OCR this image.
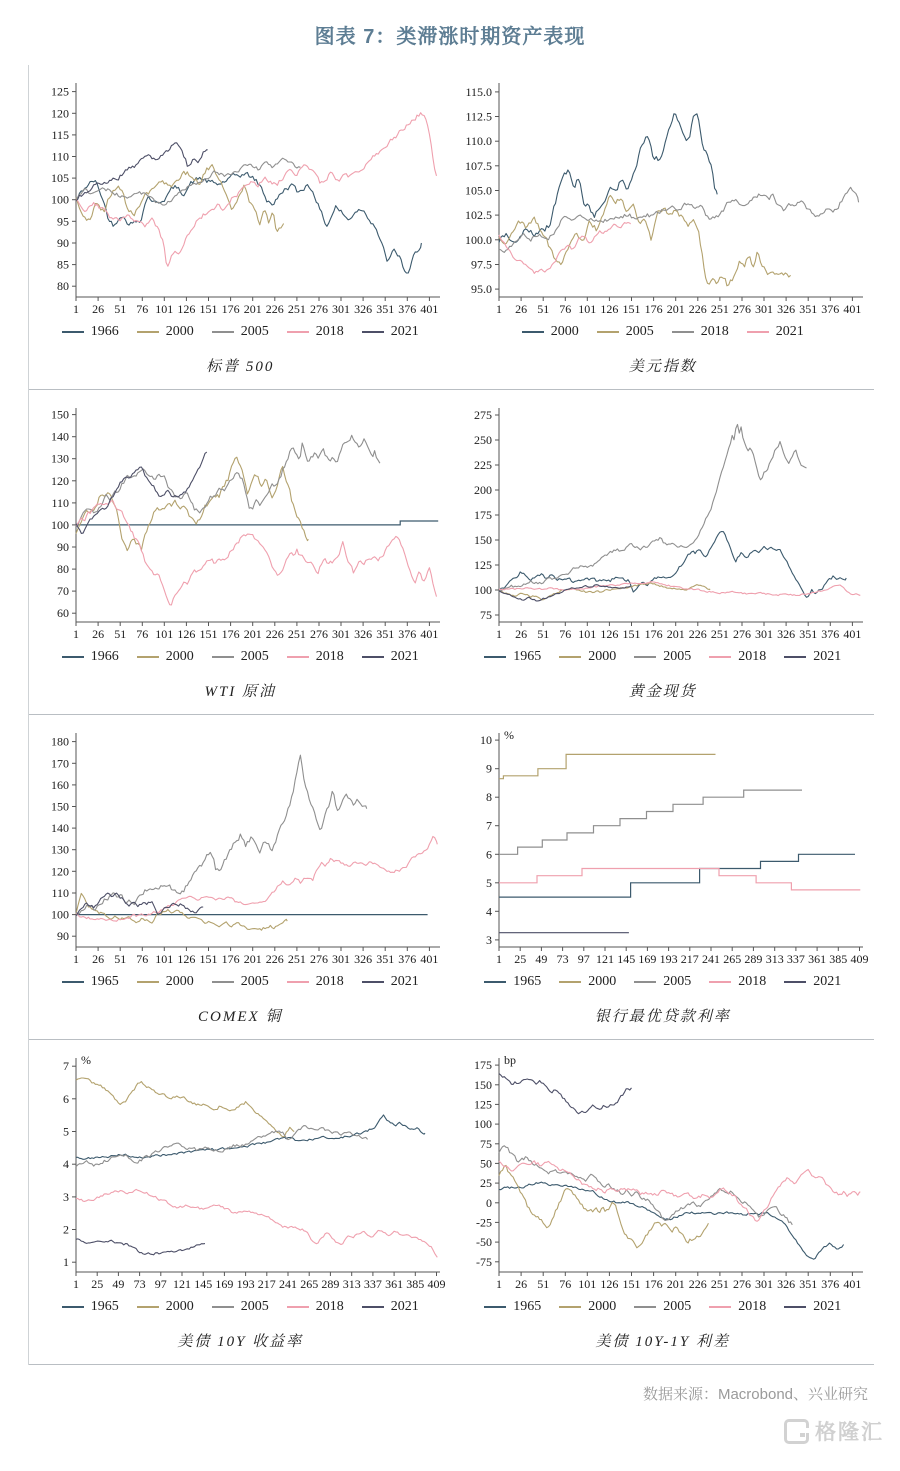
图表 7：类滞涨时期资产表现
80
85
90
95
100
105
110
115
120
125
1 26 51 76 101 126 151 176 201 226 251 276 301 326 351 376 401
1966	2000	2005	2018	2021
标普 500
95.0
97.5
100.0
102.5
105.0
107.5
110.0
112.5
115.0
1 26 51 76 101 126 151 176 201 226 251 276 301 326 351 376 401
2000	2005	2018	2021
美元指数
60
70
80
90
100
110
120
130
140
150
1 26 51 76 101 126 151 176 201 226 251 276 301 326 351 376 401
1966	2000	2005	2018	2021
WTI 原油
75
100
125
150
175
200
225
250
275
1 26 51 76 101 126 151 176 201 226 251 276 301 326 351 376 401
1965	2000	2005	2018	2021
黄金现货
90
100
110
120
130
140
150
160
170
180
1 26 51 76 101 126 151 176 201 226 251 276 301 326 351 376 401
1965	2000	2005	2018	2021
COMEX 铜
3
4
5
6
7
8
9
10
1 25 49 73 97 121 145 169 193 217 241 265 289 313 337 361 385 409
%
1965	2000	2005	2018	2021
银行最优贷款利率
1
2
3
4
5
6
7
1 25 49 73 97 121 145 169 193 217 241 265 289 313 337 361 385 409
%
1965	2000	2005	2018	2021
美债 10Y 收益率
-75
-50
-25
0
25
50
75
100
125
150
175
1 26 51 76 101 126 151 176 201 226 251 276 301 326 351 376 401
bp
1965	2000	2005	2018	2021
美债 10Y-1Y 利差
数据来源：Macrobond、兴业研究
格隆汇
